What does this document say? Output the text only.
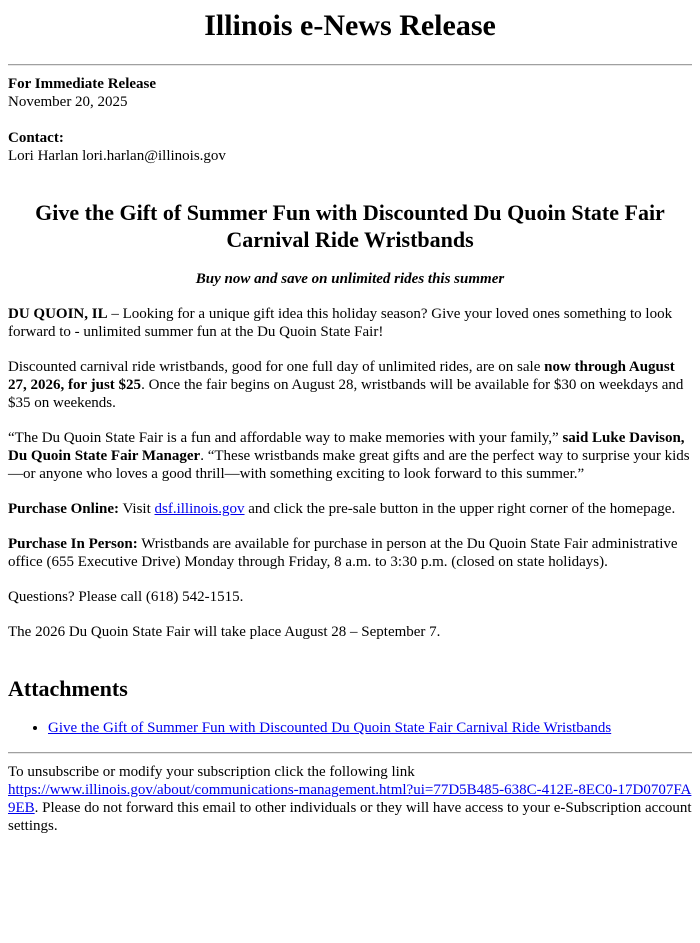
Illinois e-News Release

For Immediate Release

November 20, 2025

Contact:

Lori Harlan lori.harlan@illinois.gov

Give the Gift of Summer Fun with Discounted Du Quoin State Fair Carnival Ride Wristbands

Buy now and save on unlimited rides this summer

DU QUOIN, IL – Looking for a unique gift idea this holiday season? Give your loved ones something to look forward to - unlimited summer fun at the Du Quoin State Fair!

Discounted carnival ride wristbands, good for one full day of unlimited rides, are on sale now through August 27, 2026, for just $25. Once the fair begins on August 28, wristbands will be available for $30 on weekdays and $35 on weekends.

“The Du Quoin State Fair is a fun and affordable way to make memories with your family,” said Luke Davison, Du Quoin State Fair Manager. “These wristbands make great gifts and are the perfect way to surprise your kids—or anyone who loves a good thrill—with something exciting to look forward to this summer.”

Purchase Online: Visit dsf.illinois.gov and click the pre-sale button in the upper right corner of the homepage.

Purchase In Person: Wristbands are available for purchase in person at the Du Quoin State Fair administrative office (655 Executive Drive) Monday through Friday, 8 a.m. to 3:30 p.m. (closed on state holidays).

Questions? Please call (618) 542-1515.

The 2026 Du Quoin State Fair will take place August 28 – September 7.

Attachments
• Give the Gift of Summer Fun with Discounted Du Quoin State Fair Carnival Ride Wristbands

To unsubscribe or modify your subscription click the following link
https://www.illinois.gov/about/communications-management.html?ui=77D5B485-638C-412E-8EC0-17D0707FA9EB. Please do not forward this email to other individuals or they will have access to your e-Subscription account settings.
